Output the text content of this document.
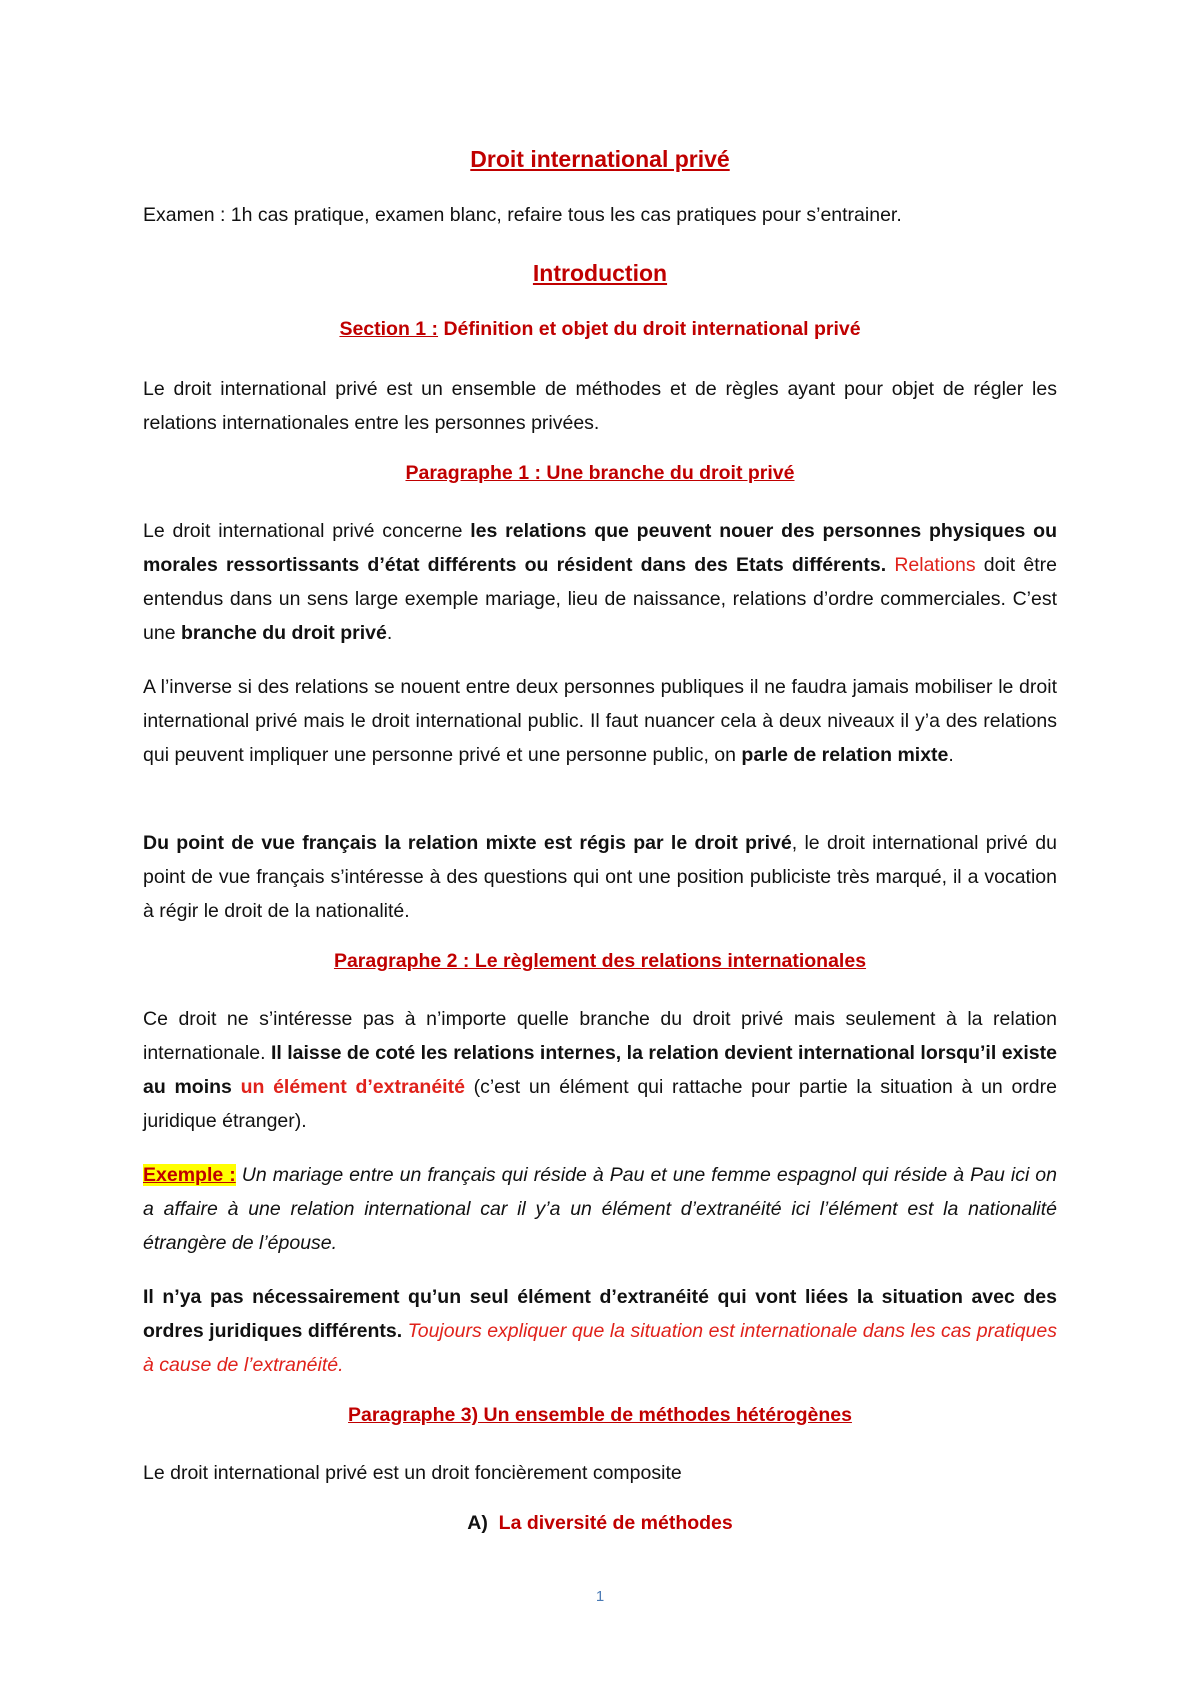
Droit international privé

Examen : 1h cas pratique, examen blanc, refaire tous les cas pratiques pour s’entrainer.

Introduction
Section 1 : Définition et objet du droit international privé

Le droit international privé est un ensemble de méthodes et de règles ayant pour objet de régler les relations internationales entre les personnes privées.

Paragraphe 1 : Une branche du droit privé

Le droit international privé concerne les relations que peuvent nouer des personnes physiques ou morales ressortissants d’état différents ou résident dans des Etats différents. Relations doit être entendus dans un sens large exemple mariage, lieu de naissance, relations d’ordre commerciales. C’est une branche du droit privé.

A l’inverse si des relations se nouent entre deux personnes publiques il ne faudra jamais mobiliser le droit international privé mais le droit international public. Il faut nuancer cela à deux niveaux il y’a des relations qui peuvent impliquer une personne privé et une personne public, on parle de relation mixte.

Du point de vue français la relation mixte est régis par le droit privé, le droit international privé du point de vue français s’intéresse à des questions qui ont une position publiciste très marqué, il a vocation à régir le droit de la nationalité.

Paragraphe 2 : Le règlement des relations internationales

Ce droit ne s’intéresse pas à n’importe quelle branche du droit privé mais seulement à la relation internationale. Il laisse de coté les relations internes, la relation devient international lorsqu’il existe au moins un élément d’extranéité (c’est un élément qui rattache pour partie la situation à un ordre juridique étranger).

Exemple : Un mariage entre un français qui réside à Pau et une femme espagnol qui réside à Pau ici on a affaire à une relation international car il y’a un élément d’extranéité ici l’élément est la nationalité étrangère de l’épouse.

Il n’ya pas nécessairement qu’un seul élément d’extranéité qui vont liées la situation avec des ordres juridiques différents. Toujours expliquer que la situation est internationale dans les cas pratiques à cause de l’extranéité.

Paragraphe 3) Un ensemble de méthodes hétérogènes

Le droit international privé est un droit foncièrement composite

A) La diversité de méthodes
1
